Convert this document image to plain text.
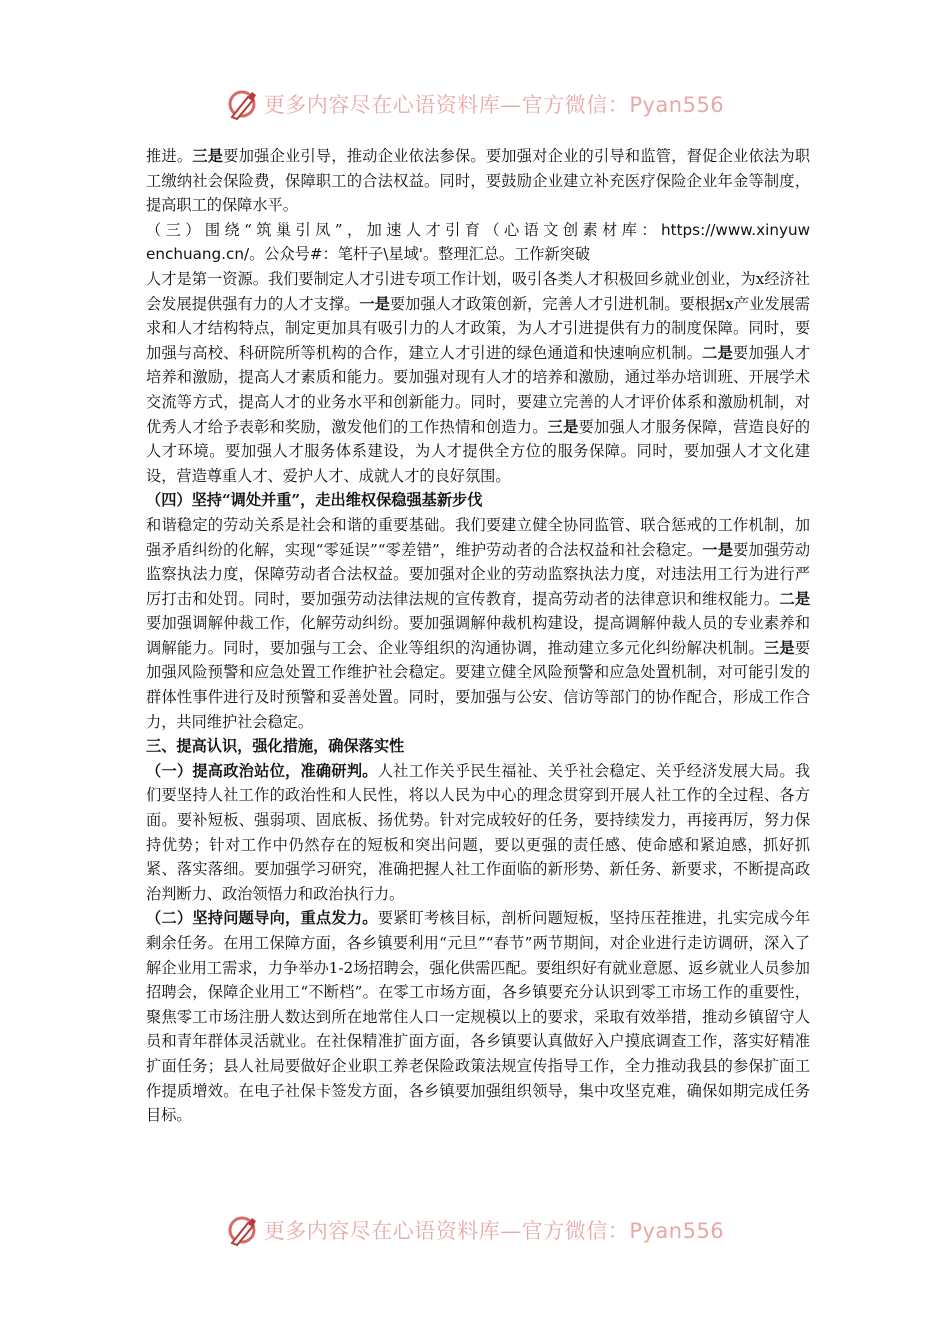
更多内容尽在心语资料库—官方微信：Pyan556

推进。三是要加强企业引导，推动企业依法参保。要加强对企业的引导和监管，督促企业依法为职工缴纳社会保险费，保障职工的合法权益。同时，要鼓励企业建立补充医疗保险企业年金等制度，提高职工的保障水平。

（三）围绕“筑巢引凤”，加速人才引育（心语文创素材库：https://www.xinyuwenchuang.cn/。公众号#：笔杆子\星域'。整理汇总。工作新突破

人才是第一资源。我们要制定人才引进专项工作计划，吸引各类人才积极回乡就业创业，为x经济社会发展提供强有力的人才支撑。一是要加强人才政策创新，完善人才引进机制。要根据x产业发展需求和人才结构特点，制定更加具有吸引力的人才政策，为人才引进提供有力的制度保障。同时，要加强与高校、科研院所等机构的合作，建立人才引进的绿色通道和快速响应机制。二是要加强人才培养和激励，提高人才素质和能力。要加强对现有人才的培养和激励，通过举办培训班、开展学术交流等方式，提高人才的业务水平和创新能力。同时，要建立完善的人才评价体系和激励机制，对优秀人才给予表彰和奖励，激发他们的工作热情和创造力。三是要加强人才服务保障，营造良好的人才环境。要加强人才服务体系建设，为人才提供全方位的服务保障。同时，要加强人才文化建设，营造尊重人才、爱护人才、成就人才的良好氛围。

（四）坚持“调处并重”，走出维权保稳强基新步伐

和谐稳定的劳动关系是社会和谐的重要基础。我们要建立健全协同监管、联合惩戒的工作机制，加强矛盾纠纷的化解，实现“零延误”“零差错”，维护劳动者的合法权益和社会稳定。一是要加强劳动监察执法力度，保障劳动者合法权益。要加强对企业的劳动监察执法力度，对违法用工行为进行严厉打击和处罚。同时，要加强劳动法律法规的宣传教育，提高劳动者的法律意识和维权能力。二是要加强调解仲裁工作，化解劳动纠纷。要加强调解仲裁机构建设，提高调解仲裁人员的专业素养和调解能力。同时，要加强与工会、企业等组织的沟通协调，推动建立多元化纠纷解决机制。三是要加强风险预警和应急处置工作维护社会稳定。要建立健全风险预警和应急处置机制，对可能引发的群体性事件进行及时预警和妥善处置。同时，要加强与公安、信访等部门的协作配合，形成工作合力，共同维护社会稳定。

三、提高认识，强化措施，确保落实性

（一）提高政治站位，准确研判。人社工作关乎民生福祉、关乎社会稳定、关乎经济发展大局。我们要坚持人社工作的政治性和人民性，将以人民为中心的理念贯穿到开展人社工作的全过程、各方面。要补短板、强弱项、固底板、扬优势。针对完成较好的任务，要持续发力，再接再厉，努力保持优势；针对工作中仍然存在的短板和突出问题，要以更强的责任感、使命感和紧迫感，抓好抓紧、落实落细。要加强学习研究，准确把握人社工作面临的新形势、新任务、新要求，不断提高政治判断力、政治领悟力和政治执行力。

（二）坚持问题导向，重点发力。要紧盯考核目标，剖析问题短板，坚持压茬推进，扎实完成今年剩余任务。在用工保障方面，各乡镇要利用“元旦”“春节”两节期间，对企业进行走访调研，深入了解企业用工需求，力争举办1-2场招聘会，强化供需匹配。要组织好有就业意愿、返乡就业人员参加招聘会，保障企业用工“不断档”。在零工市场方面，各乡镇要充分认识到零工市场工作的重要性，聚焦零工市场注册人数达到所在地常住人口一定规模以上的要求，采取有效举措，推动乡镇留守人员和青年群体灵活就业。在社保精准扩面方面，各乡镇要认真做好入户摸底调查工作，落实好精准扩面任务；县人社局要做好企业职工养老保险政策法规宣传指导工作，全力推动我县的参保扩面工作提质增效。在电子社保卡签发方面，各乡镇要加强组织领导，集中攻坚克难，确保如期完成任务目标。

更多内容尽在心语资料库—官方微信：Pyan556
